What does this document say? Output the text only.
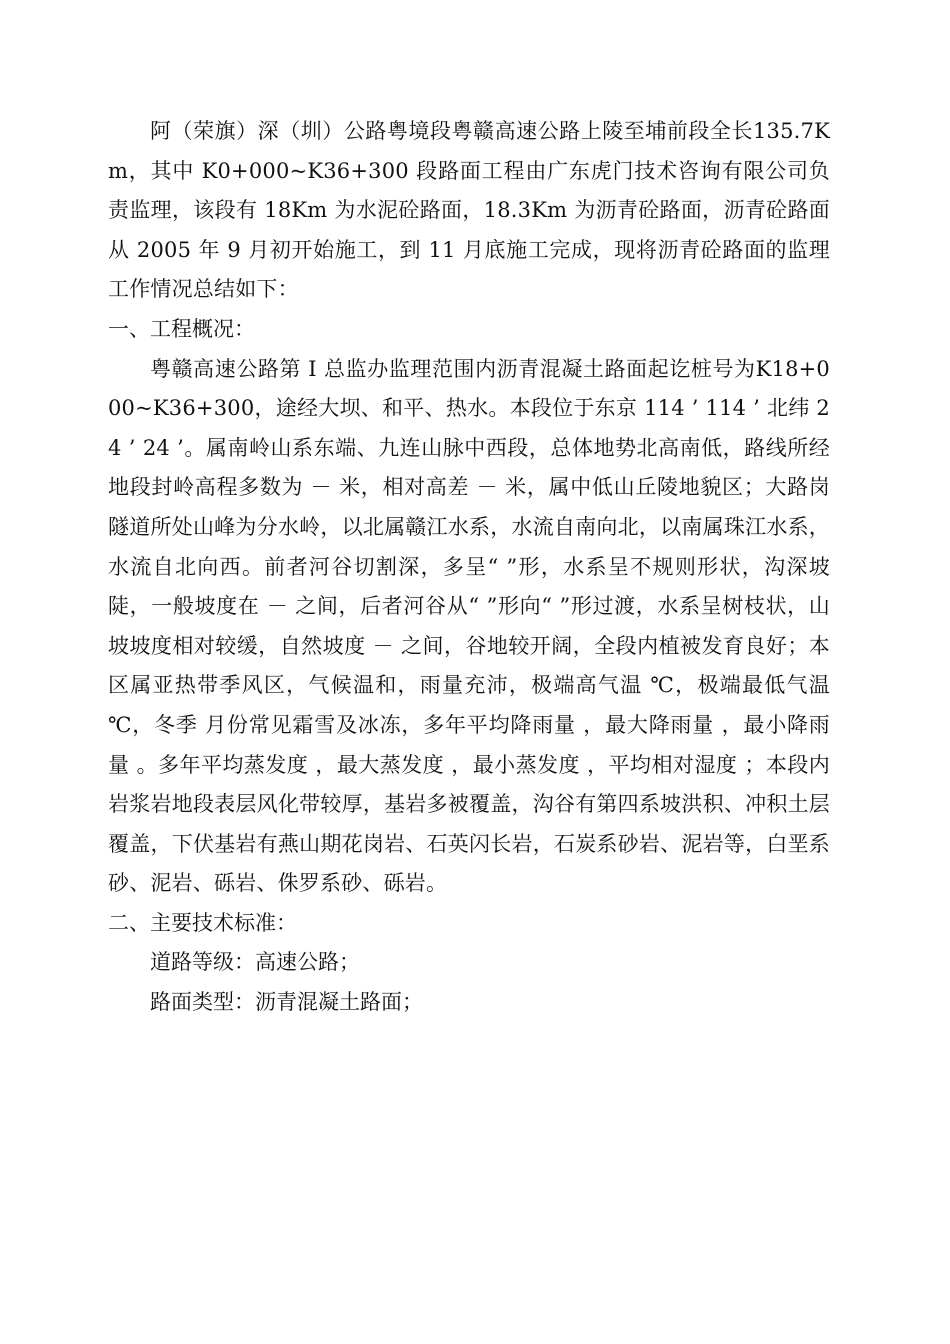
阿（荣旗）深（圳）公路粤境段粤赣高速公路上陵至埔前段全长135.7Km，其中 K0+000~K36+300 段路面工程由广东虎门技术咨询有限公司负责监理，该段有 18Km 为水泥砼路面，18.3Km 为沥青砼路面，沥青砼路面从 2005 年 9 月初开始施工，到 11 月底施工完成，现将沥青砼路面的监理工作情况总结如下：

一、工程概况：

粤赣高速公路第 I 总监办监理范围内沥青混凝土路面起讫桩号为K18+000~K36+300，途经大坝、和平、热水。本段位于东京 114 ’ 114 ’ 北纬 24 ’ 24 ’。属南岭山系东端、九连山脉中西段，总体地势北高南低，路线所经地段封岭高程多数为 － 米，相对高差 － 米，属中低山丘陵地貌区；大路岗隧道所处山峰为分水岭，以北属赣江水系，水流自南向北，以南属珠江水系，水流自北向西。前者河谷切割深，多呈“ ”形，水系呈不规则形状，沟深坡陡，一般坡度在 － 之间，后者河谷从“ ”形向“ ”形过渡，水系呈树枝状，山坡坡度相对较缓，自然坡度 － 之间，谷地较开阔，全段内植被发育良好；本区属亚热带季风区，气候温和，雨量充沛，极端高气温 ℃，极端最低气温 ℃，冬季 月份常见霜雪及冰冻，多年平均降雨量 ，最大降雨量 ，最小降雨量 。多年平均蒸发度 ，最大蒸发度 ，最小蒸发度 ，平均相对湿度 ；本段内岩浆岩地段表层风化带较厚，基岩多被覆盖，沟谷有第四系坡洪积、冲积土层覆盖，下伏基岩有燕山期花岗岩、石英闪长岩，石炭系砂岩、泥岩等，白垩系砂、泥岩、砾岩、侏罗系砂、砾岩。

二、主要技术标准：

道路等级：高速公路；

路面类型：沥青混凝土路面；
